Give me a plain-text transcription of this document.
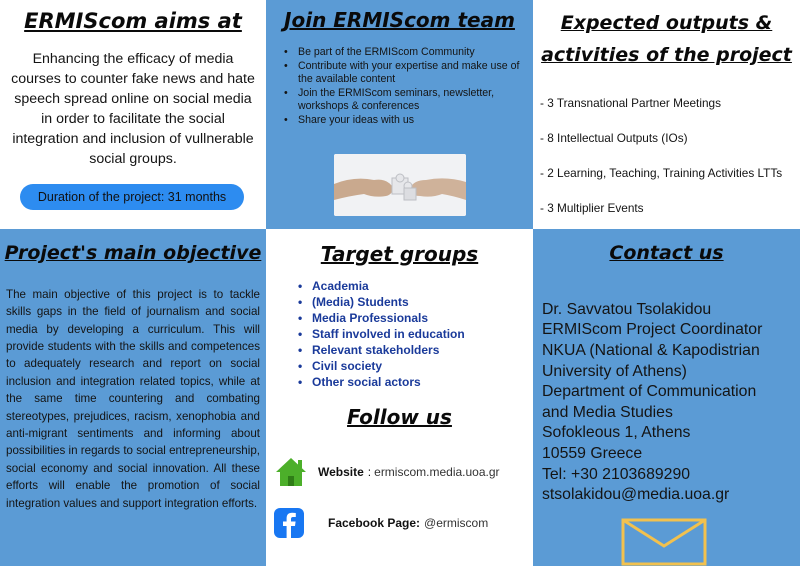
ERMIScom aims at

Enhancing the efficacy of media courses to counter fake news and hate speech spread online on social media in order to facilitate the social integration and inclusion of vullnerable social groups.

Duration of the project: 31 months
Join ERMIScom team
• Be part of the ERMIScom Community
• Contribute with your expertise and make use of the available content
• Join the ERMIScom seminars, newsletter, workshops & conferences
• Share your ideas with us
Expected outputs & activities of the project
- 3 Transnational Partner Meetings
- 8 Intellectual Outputs (IOs)
- 2 Learning, Teaching, Training Activities LTTs
- 3 Multiplier Events
Project's main objective

The main objective of this project is to tackle skills gaps in the field of journalism and social media by developing a curriculum. This will provide students with the skills and competences to adequately research and report on social inclusion and integration related topics, while at the same time countering and combating stereotypes, prejudices, racism, xenophobia and anti-migrant sentiments and informing about possibilities in regards to social entrepreneurship, social economy and social innovation. All these efforts will enable the promotion of social integration values and support integration efforts.

Target groups
• Academia
• (Media) Students
• Media Professionals
• Staff involved in education
• Relevant stakeholders
• Civil society
• Other social actors
Follow us
Website : ermiscom.media.uoa.gr
Facebook Page: @ermiscom
Contact us
Dr. Savvatou Tsolakidou
ERMIScom Project Coordinator
NKUA (National & Kapodistrian
University of Athens)
Department of Communication
and Media Studies
Sofokleous 1, Athens
10559 Greece
Tel: +30 2103689290
stsolakidou@media.uoa.gr
